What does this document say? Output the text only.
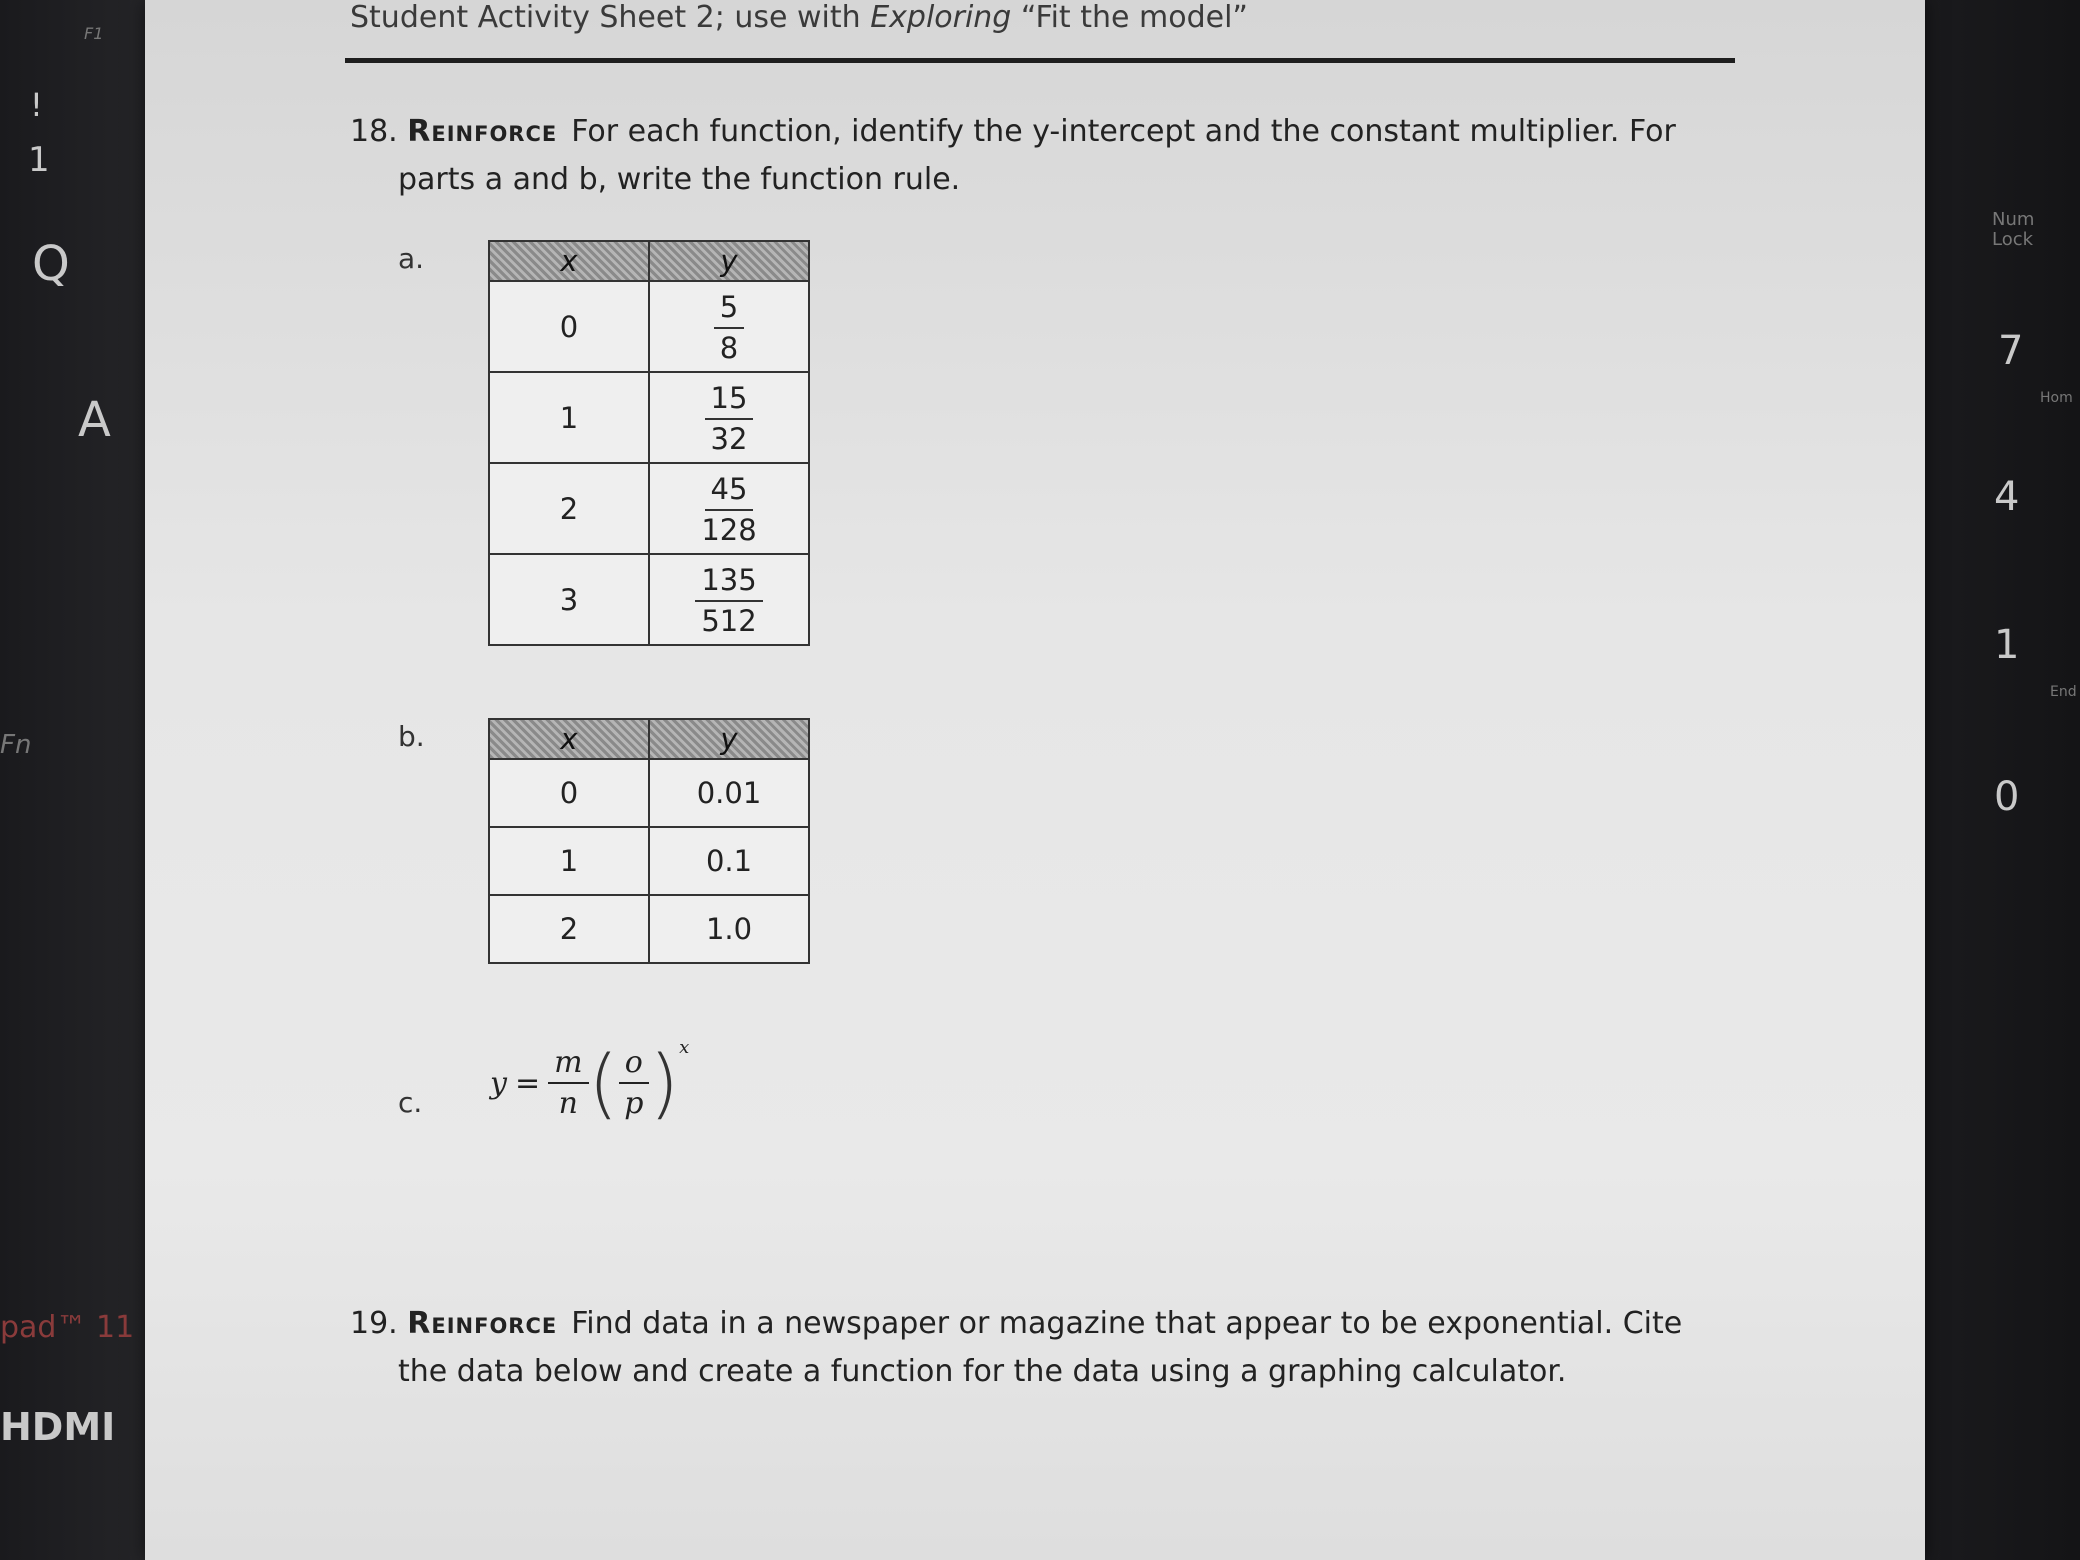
F1
!
1
Q
A
Fn
pad™ 11
HDMI
Num Lock
7
Hom
4
1
End
0
Student Activity Sheet 2; use with Exploring “Fit the model”
18. Reinforce For each function, identify the y-intercept and the constant multiplier. For
parts a and b, write the function rule.
a.	x	y
0	$\frac{5}{8}$

1	$\frac{15}{32}$

2	$\frac{45}{128}$

3	$\frac{135}{512}$
b.	x	y
0	0.01
1	0.1
2	1.0
c.
$y = \frac{m}{n}$ ( $\frac{o}{p}$ ) x
19. Reinforce Find data in a newspaper or magazine that appear to be exponential. Cite
the data below and create a function for the data using a graphing calculator.
